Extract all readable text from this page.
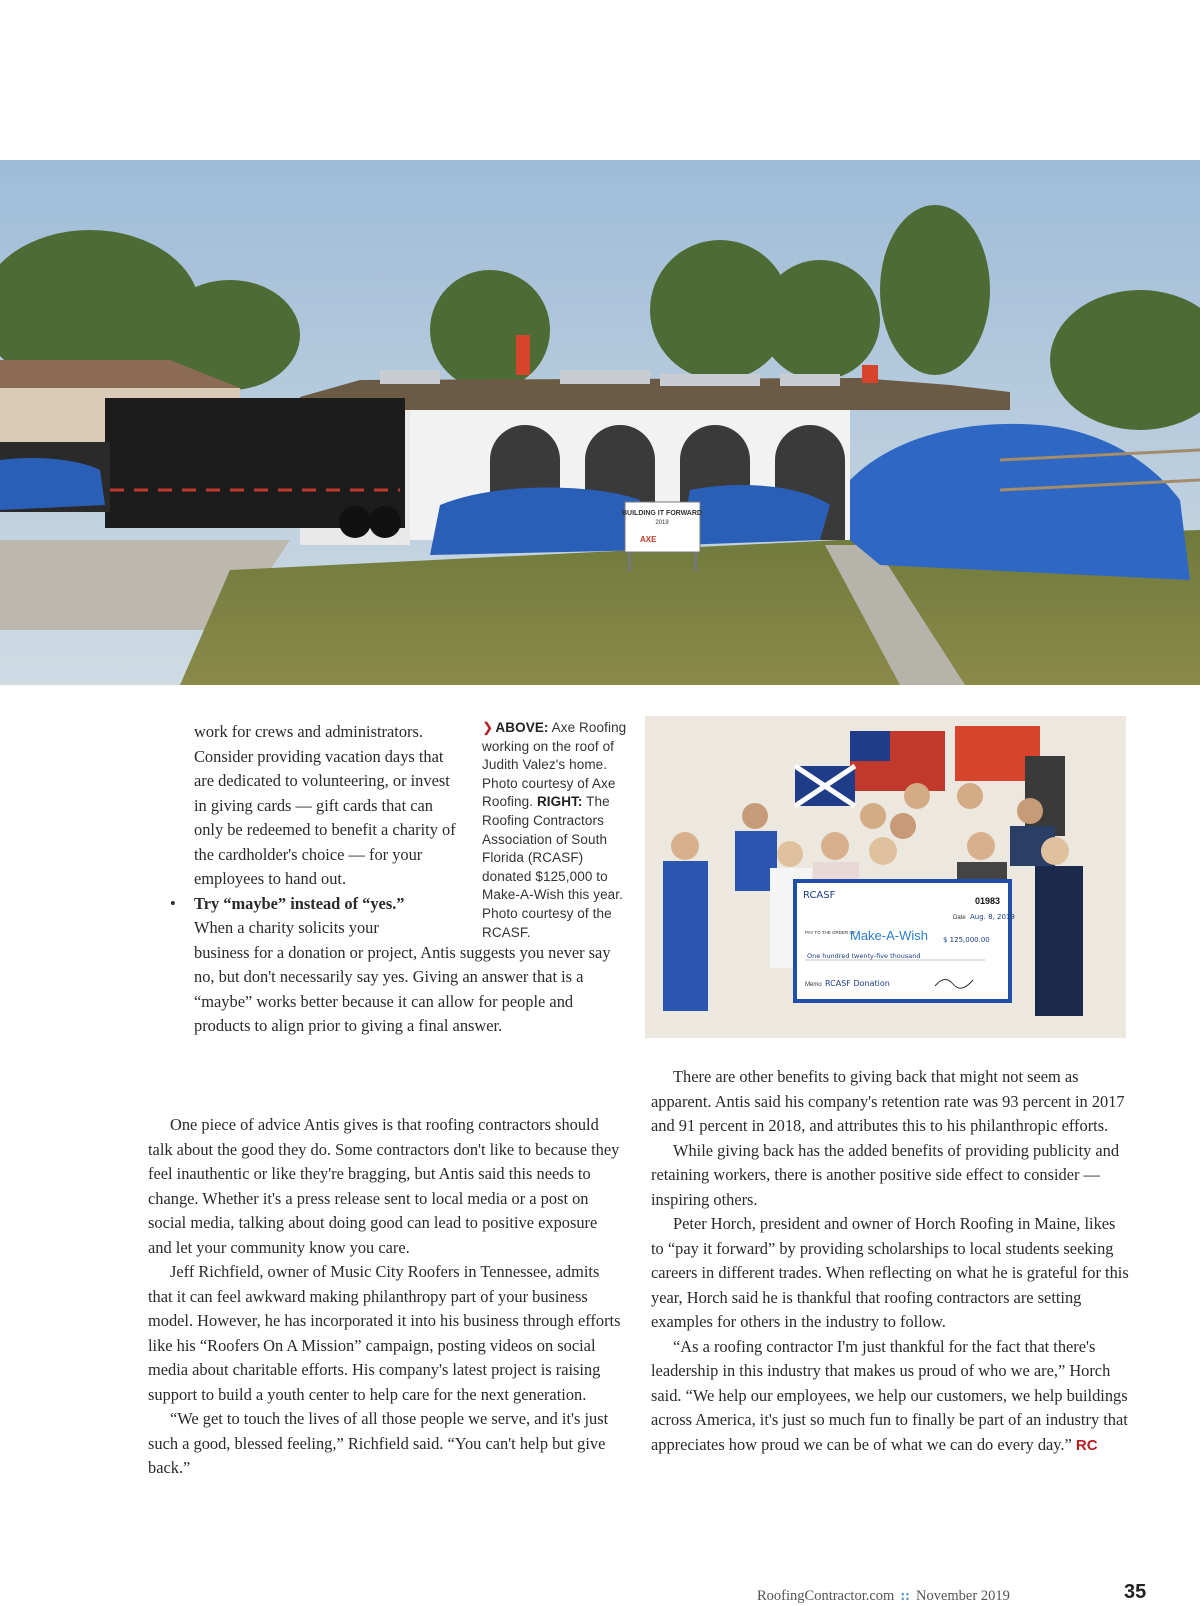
BUILDING IT FORWARD
2019
AXE
❯ ABOVE: Axe Roofing working on the roof of Judith Valez's home. Photo courtesy of Axe Roofing. RIGHT: The Roofing Contractors Association of South Florida (RCASF) donated $125,000 to Make-A-Wish this year. Photo courtesy of the RCASF.
RCASF	01983
Date Aug. 8, 2019
PAY TO THE ORDER OF
Make-A-Wish $ 125,000.00
One hundred twenty-five thousand
Memo RCASF Donation

work for crews and administrators. Consider providing vacation days that are dedicated to volunteering, or invest in giving cards — gift cards that can only be redeemed to benefit a charity of the cardholder's choice — for your employees to hand out.

• Try “maybe” instead of “yes.”
When a charity solicits your

business for a donation or project, Antis suggests you never say no, but don't necessarily say yes. Giving an answer that is a “maybe” works better because it can allow for people and products to align prior to giving a final answer.

One piece of advice Antis gives is that roofing contractors should talk about the good they do. Some contractors don't like to because they feel inauthentic or like they're bragging, but Antis said this needs to change. Whether it's a press release sent to local media or a post on social media, talking about doing good can lead to positive exposure and let your community know you care.

Jeff Richfield, owner of Music City Roofers in Tennessee, admits that it can feel awkward making philanthropy part of your business model. However, he has incorporated it into his business through efforts like his “Roofers On A Mission” campaign, posting videos on social media about charitable efforts. His company's latest project is raising support to build a youth center to help care for the next generation.

“We get to touch the lives of all those people we serve, and it's just such a good, blessed feeling,” Richfield said. “You can't help but give back.”

There are other benefits to giving back that might not seem as apparent. Antis said his company's retention rate was 93 percent in 2017 and 91 percent in 2018, and attributes this to his philanthropic efforts.

While giving back has the added benefits of providing publicity and retaining workers, there is another positive side effect to consider — inspiring others.

Peter Horch, president and owner of Horch Roofing in Maine, likes to “pay it forward” by providing scholarships to local students seeking careers in different trades. When reflecting on what he is grateful for this year, Horch said he is thankful that roofing contractors are setting examples for others in the industry to follow.

“As a roofing contractor I'm just thankful for the fact that there's leadership in this industry that makes us proud of who we are,” Horch said. “We help our employees, we help our customers, we help buildings across America, it's just so much fun to finally be part of an industry that appreciates how proud we can be of what we can do every day.” RC

RoofingContractor.com :: November 2019	35
